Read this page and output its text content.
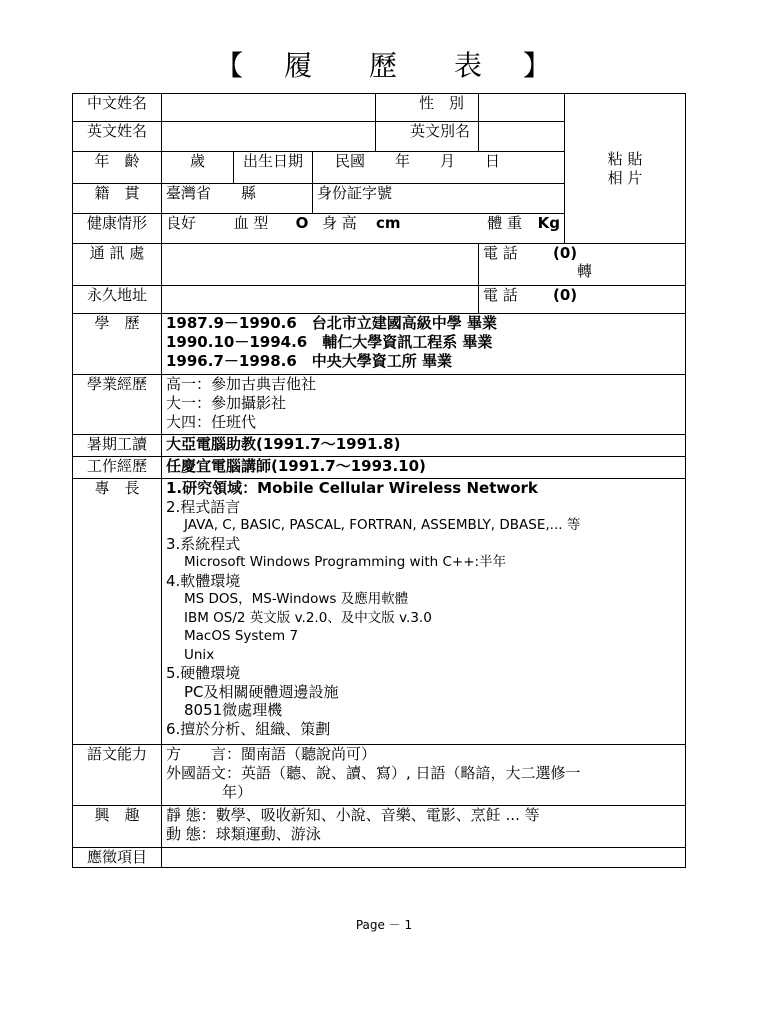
【 履 歷 表 】
中文姓名		性　別		
粘 貼
相 片

英文姓名		英文別名	
年　齡	歲	出生日期	民國　　年　　月　　日
籍　貫	臺灣省　　縣		身份証字號	

健康情形	良好	血 型	O	身 高	cm	體 重	Kg

通 訊 處			電 話	(0)
轉

永久地址			電 話	(0)

學　歷	1987.9－1990.6　台北市立建國高級中學 畢業
1990.10－1994.6　輔仁大學資訊工程系 畢業
1996.7－1998.6　中央大學資工所 畢業

學業經歷	高一：參加古典吉他社
大一：參加攝影社
大四：任班代

暑期工讀	大亞電腦助教(1991.7～1991.8)
工作經歷	任慶宜電腦講師(1991.7～1993.10)
專　長	1.研究領域：Mobile Cellular Wireless Network
2.程式語言
JAVA, C, BASIC, PASCAL, FORTRAN, ASSEMBLY, DBASE,... 等
3.系統程式
Microsoft Windows Programming with C++:半年
4.軟體環境
MS DOS，MS-Windows 及應用軟體
IBM OS/2 英文版 v.2.0、及中文版 v.3.0
MacOS System 7
Unix
5.硬體環境
PC及相關硬體週邊設施
8051微處理機
6.擅於分析、組織、策劃

語文能力	方　　言：閩南語（聽說尚可）
外國語文：英語（聽、說、讀、寫）, 日語（略諳，大二選修一
年）

興　趣	靜 態：數學、吸收新知、小說、音樂、電影、烹飪 ... 等
動 態：球類運動、游泳

應徵項目	
Page － 1
